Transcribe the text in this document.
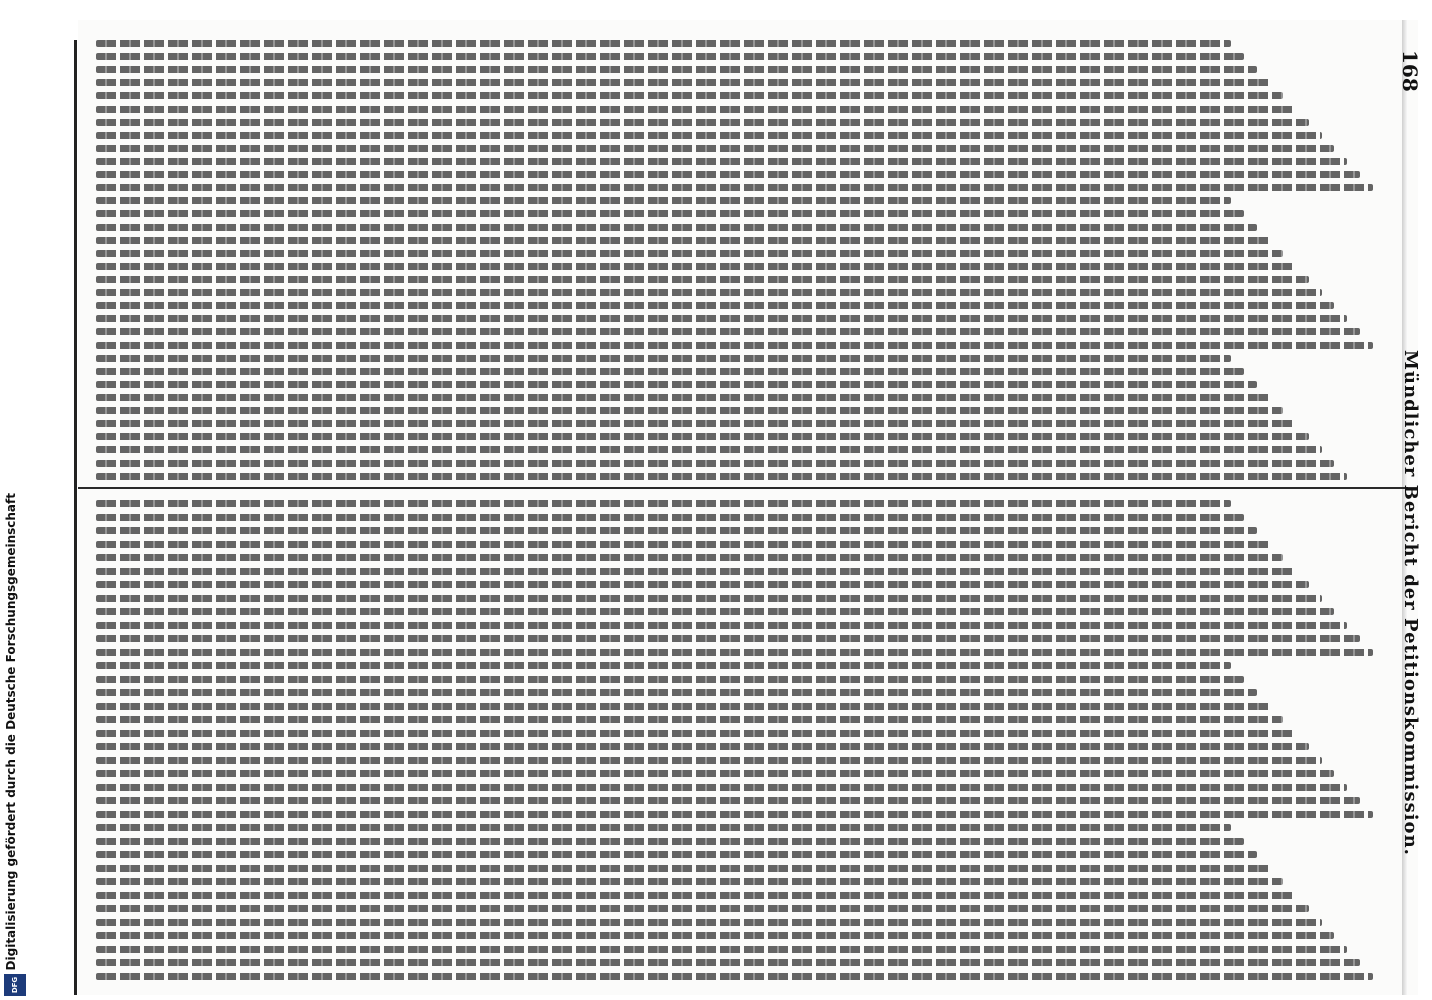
Digitalisierung gefördert durch die Deutsche Forschungsgemeinschaft
DFG
168
Mündlicher Bericht der Petitionskommission.
